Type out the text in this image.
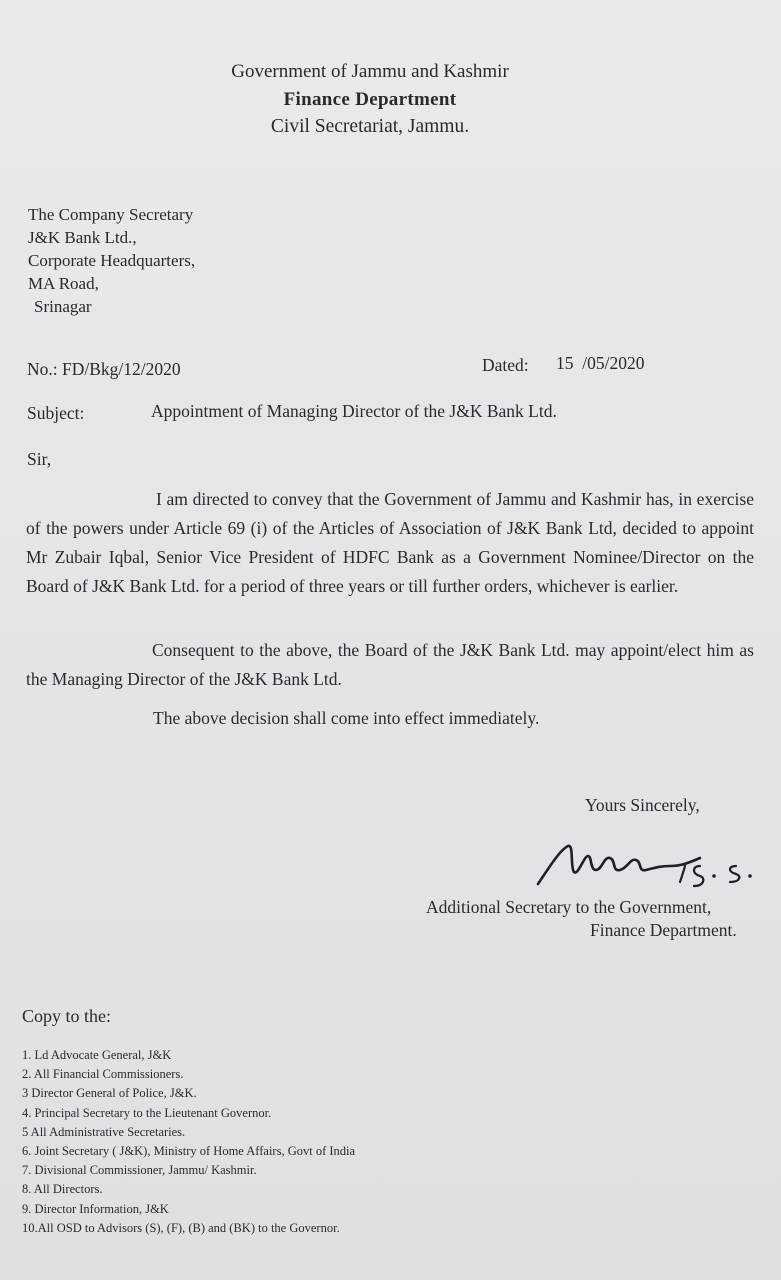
Government of Jammu and Kashmir
Finance Department
Civil Secretariat, Jammu.
The Company Secretary
J&K Bank Ltd.,
Corporate Headquarters,
MA Road,
Srinagar
No.: FD/Bkg/12/2020	Dated: 15  /05/2020
Subject:	Appointment of Managing Director of the J&K Bank Ltd.
Sir,
I am directed to convey that the Government of Jammu and Kashmir has, in exercise of the powers under Article 69 (i) of the Articles of Association of J&K Bank Ltd, decided to appoint Mr Zubair Iqbal, Senior Vice President of HDFC Bank as a Government Nominee/Director on the Board of J&K Bank Ltd. for a period of three years or till further orders, whichever is earlier.
Consequent to the above, the Board of the J&K Bank Ltd. may appoint/elect him as the Managing Director of the J&K Bank Ltd.
The above decision shall come into effect immediately.
Yours Sincerely,
Additional Secretary to the Government,
Finance Department.
Copy to the:
1. Ld Advocate General, J&K
2. All Financial Commissioners.
3 Director General of Police, J&K.
4. Principal Secretary to the Lieutenant Governor.
5 All Administrative Secretaries.
6. Joint Secretary ( J&K), Ministry of Home Affairs, Govt of India
7. Divisional Commissioner, Jammu/ Kashmir.
8. All Directors.
9. Director Information, J&K
10.All OSD to Advisors (S), (F), (B) and (BK) to the Governor.
